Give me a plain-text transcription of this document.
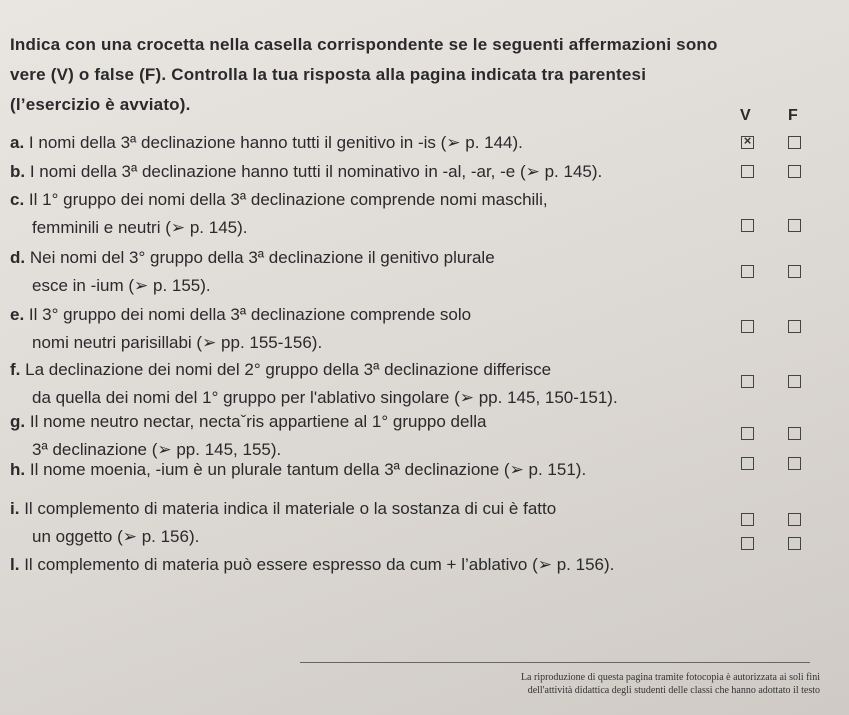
Indica con una crocetta nella casella corrispondente se le seguenti affermazioni sono
vere (V) o false (F). Controlla la tua risposta alla pagina indicata tra parentesi
(l’esercizio è avviato).
V F
a. I nomi della 3ª declinazione hanno tutti il genitivo in -is (➢ p. 144).
×
b. I nomi della 3ª declinazione hanno tutti il nominativo in -al, -ar, -e (➢ p. 145).
c. Il 1° gruppo dei nomi della 3ª declinazione comprende nomi maschili,
femminili e neutri (➢ p. 145).
d. Nei nomi del 3° gruppo della 3ª declinazione il genitivo plurale
esce in -ium (➢ p. 155).
e. Il 3° gruppo dei nomi della 3ª declinazione comprende solo
nomi neutri parisillabi (➢ pp. 155-156).
f. La declinazione dei nomi del 2° gruppo della 3ª declinazione differisce
da quella dei nomi del 1° gruppo per l'ablativo singolare (➢ pp. 145, 150-151).
g. Il nome neutro nectar, nectaˇris appartiene al 1° gruppo della
3ª declinazione (➢ pp. 145, 155).
h. Il nome moenia, -ium è un plurale tantum della 3ª declinazione (➢ p. 151).
i. Il complemento di materia indica il materiale o la sostanza di cui è fatto
un oggetto (➢ p. 156).
l. Il complemento di materia può essere espresso da cum + l’ablativo (➢ p. 156).
La riproduzione di questa pagina tramite fotocopia è autorizzata ai soli fini
dell'attività didattica degli studenti delle classi che hanno adottato il testo
